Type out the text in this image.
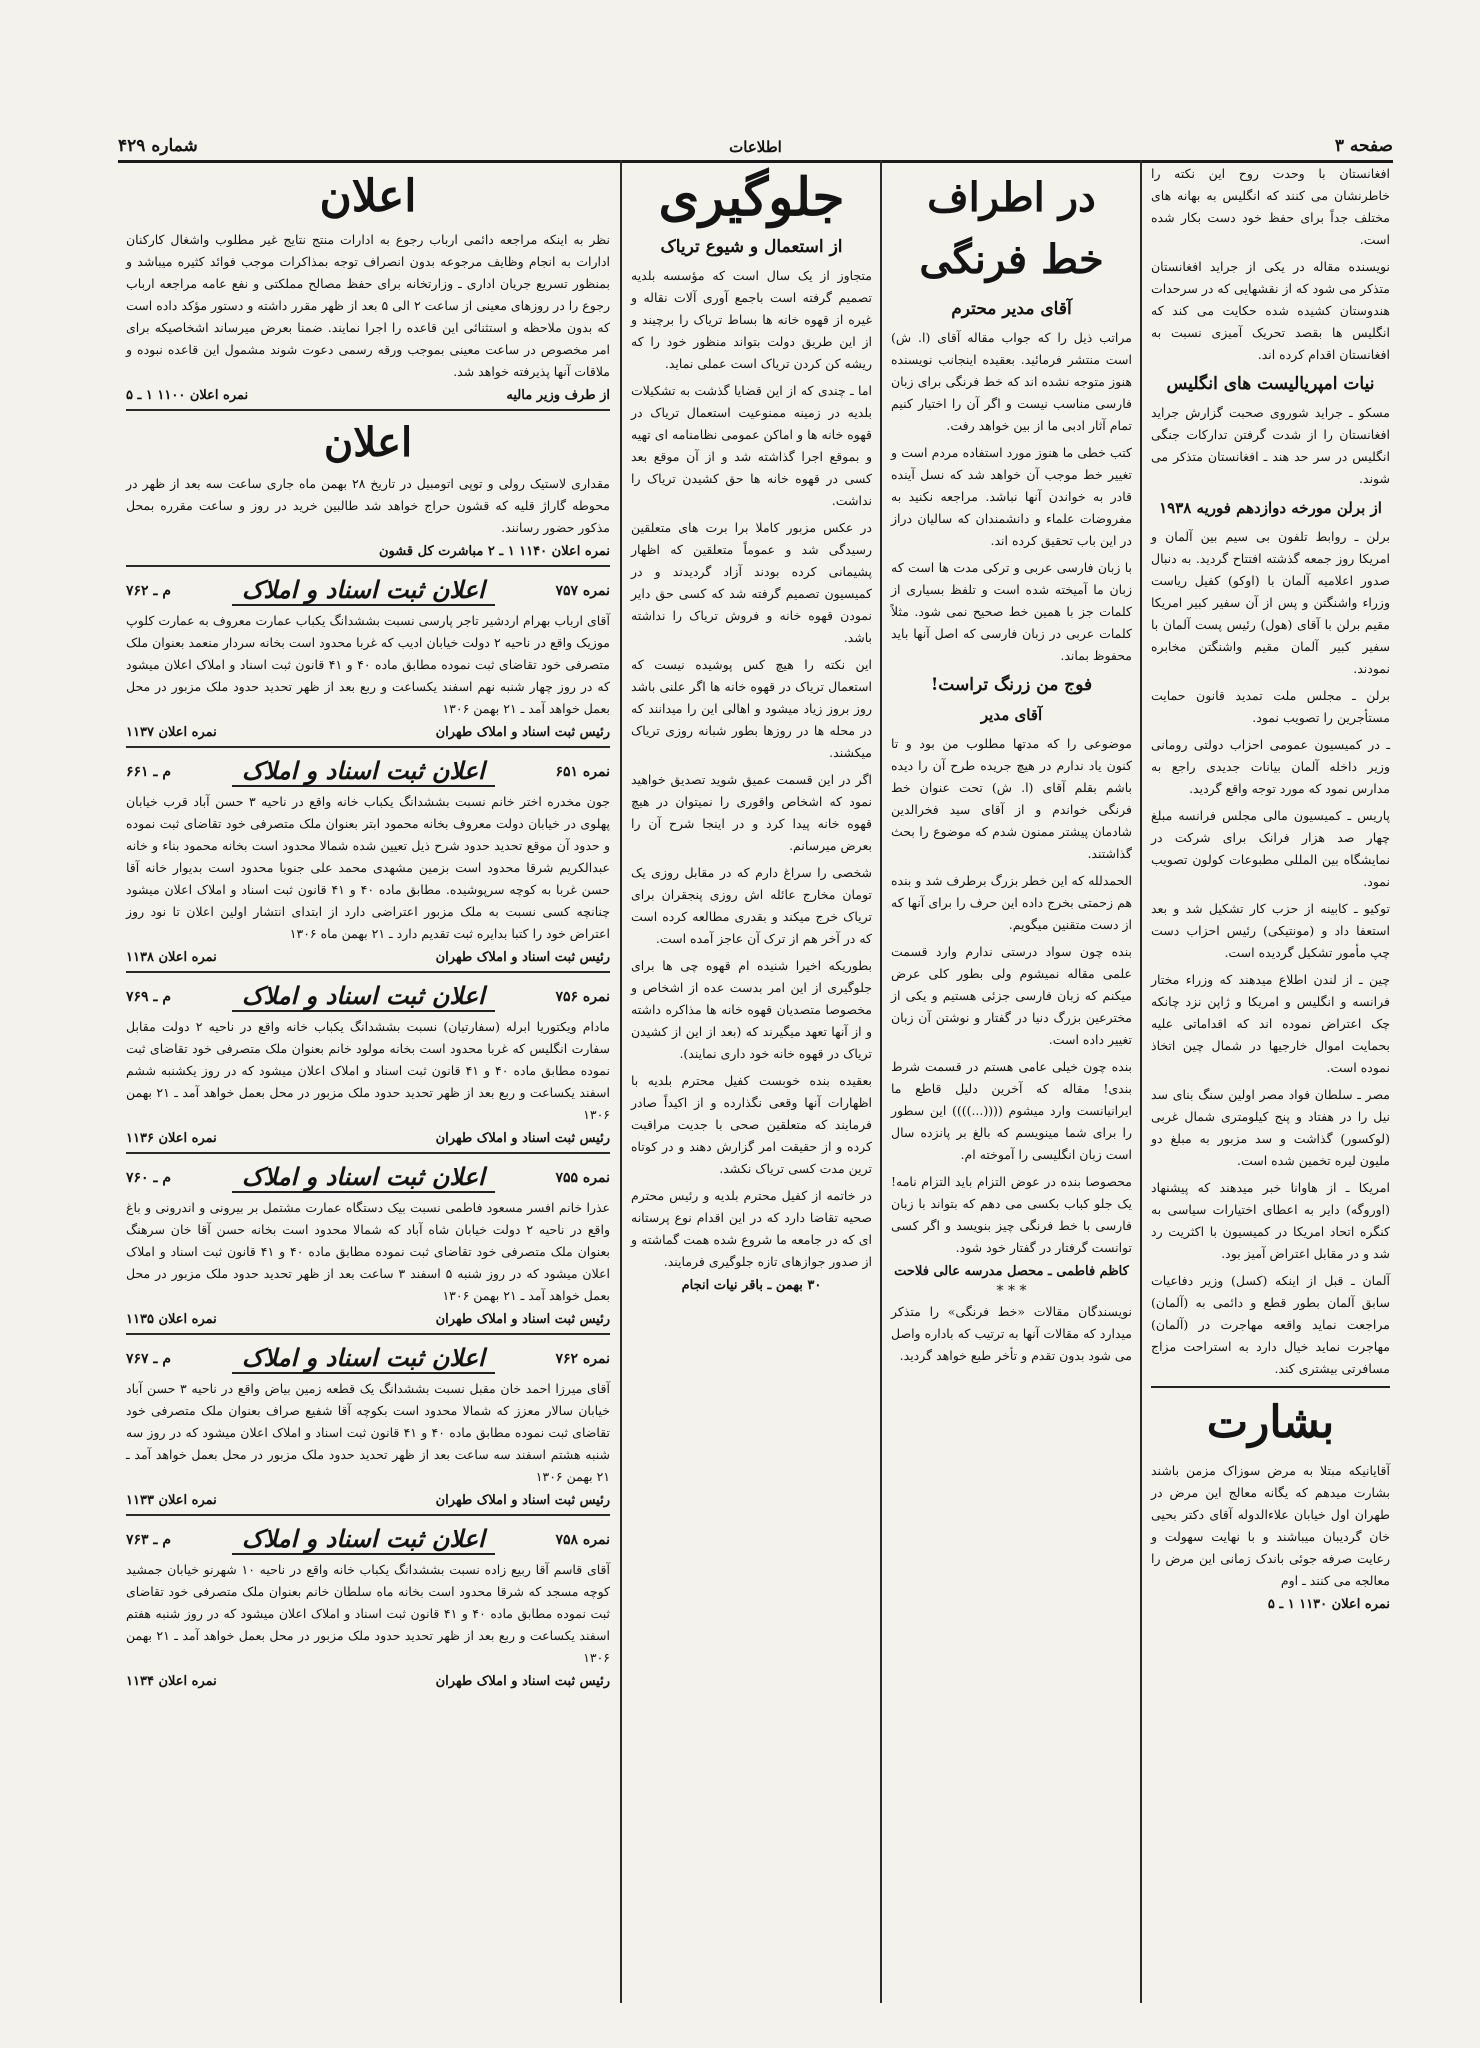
صفحه ۳
اطلاعات
شماره ۴۲۹

افغانستان با وحدت روح این نکته را خاطرنشان می کنند که انگلیس به بهانه های مختلف جداً برای حفظ خود دست بکار شده است.

نویسنده مقاله در یکی از جراید افغانستان متذکر می شود که از نقشهایی که در سرحدات هندوستان کشیده شده حکایت می کند که انگلیس ها بقصد تحریک آمیزی نسبت به افغانستان اقدام کرده اند.

نیات امپریالیست های انگلیس

مسکو ـ جراید شوروی صحبت گزارش جراید افغانستان را از شدت گرفتن تدارکات جنگی انگلیس در سر حد هند ـ افغانستان متذکر می شوند.

از برلن مورخه دوازدهم فوریه ۱۹۳۸

برلن ـ روابط تلفون بی سیم بین آلمان و امریکا روز جمعه گذشته افتتاح گردید. به دنبال صدور اعلامیه آلمان با (اوکو) کفیل ریاست وزراء واشنگتن و پس از آن سفیر کبیر امریکا مقیم برلن با آقای (هول) رئیس پست آلمان با سفیر کبیر آلمان مقیم واشنگتن مخابره نمودند.

برلن ـ مجلس ملت تمدید قانون حمایت مستأجرین را تصویب نمود.

ـ در کمیسیون عمومی احزاب دولتی رومانی وزیر داخله آلمان بیانات جدیدی راجع به مدارس نمود که مورد توجه واقع گردید.

پاریس ـ کمیسیون مالی مجلس فرانسه مبلغ چهار صد هزار فرانک برای شرکت در نمایشگاه بین المللی مطبوعات کولون تصویب نمود.

توکیو ـ کابینه از حزب کار تشکیل شد و بعد استعفا داد و (مونتیکی) رئیس احزاب دست چپ مأمور تشکیل گردیده است.

چین ـ از لندن اطلاع میدهند که وزراء مختار فرانسه و انگلیس و امریکا و ژاپن نزد چانکه چک اعتراض نموده اند که اقداماتی علیه بحمایت اموال خارجیها در شمال چین اتخاذ نموده است.

مصر ـ سلطان فواد مصر اولین سنگ بنای سد نیل را در هفتاد و پنج کیلومتری شمال غربی (لوکسور) گذاشت و سد مزبور به مبلغ دو ملیون لیره تخمین شده است.

امریکا ـ از هاوانا خبر میدهند که پیشنهاد (اوروگه) دایر به اعطای اختیارات سیاسی به کنگره اتحاد امریکا در کمیسیون با اکثریت رد شد و در مقابل اعتراض آمیز بود.

آلمان ـ قبل از اینکه (کسل) وزیر دفاعیات سابق آلمان بطور قطع و دائمی به (آلمان) مراجعت نماید واقعه مهاجرت در (آلمان) مهاجرت نماید خیال دارد به استراحت مزاج مسافرتی بیشتری کند.

بشارت

آقایانیکه مبتلا به مرض سوزاک مزمن باشند بشارت میدهم که یگانه معالج این مرض در طهران اول خیابان علاءالدوله آقای دکتر بحیی خان گردیبان میباشند و با نهایت سهولت و رعایت صرفه جوئی باندک زمانی این مرض را معالجه می کنند ـ اوم

نمره اعلان ۱۱۳۰ ۱ ـ ۵
در اطراف خط فرنگی
آقای مدیر محترم

مراتب ذیل را که جواب مقاله آقای (ا. ش) است منتشر فرمائید. بعقیده اینجانب نویسنده هنوز متوجه نشده اند که خط فرنگی برای زبان فارسی مناسب نیست و اگر آن را اختیار کنیم تمام آثار ادبی ما از بین خواهد رفت.

کتب خطی ما هنوز مورد استفاده مردم است و تغییر خط موجب آن خواهد شد که نسل آینده قادر به خواندن آنها نباشد. مراجعه نکنید به مفروضات علماء و دانشمندان که سالیان دراز در این باب تحقیق کرده اند.

با زبان فارسی عربی و ترکی مدت ها است که زبان ما آمیخته شده است و تلفظ بسیاری از کلمات جز با همین خط صحیح نمی شود. مثلاً کلمات عربی در زبان فارسی که اصل آنها باید محفوظ بماند.

فوج من زرنگ تراست!
آقای مدیر

موضوعی را که مدتها مطلوب من بود و تا کنون یاد ندارم در هیچ جریده طرح آن را دیده باشم بقلم آقای (ا. ش) تحت عنوان خط فرنگی خواندم و از آقای سید فخرالدین شادمان پیشتر ممنون شدم که موضوع را بحث گذاشتند.

الحمدلله که این خطر بزرگ برطرف شد و بنده هم زحمتی بخرج داده این حرف را برای آنها که از دست متقنین میگویم.

بنده چون سواد درستی ندارم وارد قسمت علمی مقاله نمیشوم ولی بطور کلی عرض میکنم که زبان فارسی جزئی هستیم و یکی از مخترعین بزرگ دنیا در گفتار و نوشتن آن زبان تغییر داده است.

بنده چون خیلی عامی هستم در قسمت شرط بندی! مقاله که آخرین دلیل قاطع ما ایرانیانست وارد میشوم ((((...)))) این سطور را برای شما مینویسم که بالغ بر پانزده سال است زبان انگلیسی را آموخته ام.

محصوصا بنده در عوض التزام باید التزام نامه! یک جلو کباب بکسی می دهم که بتواند با زبان فارسی با خط فرنگی چیز بنویسد و اگر کسی توانست گرفتار در گفتار خود شود.

کاظم فاطمی ـ محصل مدرسه عالی فلاحت
* * *

نویسندگان مقالات «خط فرنگی» را متذکر میدارد که مقالات آنها به ترتیب که باداره واصل می شود بدون تقدم و تأخر طبع خواهد گردید.

جلوگیری
از استعمال و شیوع تریاک

متجاوز از یک سال است که مؤسسه بلدیه تصمیم گرفته است باجمع آوری آلات نقاله و غیره از قهوه خانه ها بساط تریاک را برچیند و از این طریق دولت بتواند منظور خود را که ریشه کن کردن تریاک است عملی نماید.

اما ـ چندی که از این قضایا گذشت به تشکیلات بلدیه در زمینه ممنوعیت استعمال تریاک در قهوه خانه ها و اماکن عمومی نظامنامه ای تهیه و بموقع اجرا گذاشته شد و از آن موقع بعد کسی در قهوه خانه ها حق کشیدن تریاک را نداشت.

در عکس مزبور کاملا برا برت های متعلقین رسیدگی شد و عموماً متعلقین که اظهار پشیمانی کرده بودند آزاد گردیدند و در کمیسیون تصمیم گرفته شد که کسی حق دایر نمودن قهوه خانه و فروش تریاک را نداشته باشد.

این نکته را هیچ کس پوشیده نیست که استعمال تریاک در قهوه خانه ها اگر علنی باشد روز بروز زیاد میشود و اهالی این را میدانند که در محله ها در روزها بطور شبانه روزی تریاک میکشند.

اگر در این قسمت عمیق شوید تصدیق خواهید نمود که اشخاص واقوری را نمیتوان در هیچ قهوه خانه پیدا کرد و در اینجا شرح آن را بعرض میرسانم.

شخصی را سراغ دارم که در مقابل روزی یک تومان مخارج عائله اش روزی پنجقران برای تریاک خرج میکند و بقدری مطالعه کرده است که در آخر هم از ترک آن عاجز آمده است.

بطوریکه اخیرا شنیده ام قهوه چی ها برای جلوگیری از این امر بدست عده از اشخاص و مخصوصا متصدیان قهوه خانه ها مذاکره داشته و از آنها تعهد میگیرند که (بعد از این از کشیدن تریاک در قهوه خانه خود داری نمایند).

بعقیده بنده خوبست کفیل محترم بلدیه با اظهارات آنها وقعی نگذارده و از اکیداً صادر فرمایند که متعلقین صحی با جدیت مراقبت کرده و از حقیقت امر گزارش دهند و در کوتاه ترین مدت کسی تریاک نکشد.

در خاتمه از کفیل محترم بلدیه و رئیس محترم صحیه تقاضا دارد که در این اقدام نوع پرستانه ای که در جامعه ما شروع شده همت گماشته و از صدور جوازهای تازه جلوگیری فرمایند.

۳۰ بهمن ـ باقر نیات انجام
اعلان

نظر به اینکه مراجعه دائمی ارباب رجوع به ادارات منتج نتایج غیر مطلوب واشغال کارکنان ادارات به انجام وظایف مرجوعه بدون انصراف توجه بمذاکرات موجب فوائد کثیره میباشد و بمنظور تسریع جریان اداری ـ وزارتخانه برای حفظ مصالح مملکتی و نفع عامه مراجعه ارباب رجوع را در روزهای معینی از ساعت ۲ الی ۵ بعد از ظهر مقرر داشته و دستور مؤکد داده است که بدون ملاحظه و استثنائی این قاعده را اجرا نمایند. ضمنا بعرض میرساند اشخاصیکه برای امر مخصوص در ساعت معینی بموجب ورقه رسمی دعوت شوند مشمول این قاعده نبوده و ملاقات آنها پذیرفته خواهد شد.

از طرف وزیر مالیه
نمره اعلان ۱۱۰۰ ۱ ـ ۵
اعلان

مقداری لاستیک رولی و توپی اتومبیل در تاریخ ۲۸ بهمن ماه جاری ساعت سه بعد از ظهر در محوطه گاراژ قلیه که قشون حراج خواهد شد طالبین خرید در روز و ساعت مقرره بمحل مذکور حضور رسانند.

نمره اعلان ۱۱۴۰ ۱ ـ ۲ مباشرت کل قشون
نمره ۷۵۷
اعلان ثبت اسناد و املاک
م ـ ۷۶۲

آقای ارباب بهرام اردشیر تاجر پارسی نسبت بششدانگ یکباب عمارت معروف به عمارت کلوپ موزیک واقع در ناحیه ۲ دولت خیابان ادیب که غربا محدود است بخانه سردار منعمد بعنوان ملک متصرفی خود تقاضای ثبت نموده مطابق ماده ۴۰ و ۴۱ قانون ثبت اسناد و املاک اعلان میشود که در روز چهار شنبه نهم اسفند یکساعت و ربع بعد از ظهر تحدید حدود ملک مزبور در محل بعمل خواهد آمد ـ ۲۱ بهمن ۱۳۰۶

رئیس ثبت اسناد و املاک طهران
نمره اعلان ۱۱۳۷
نمره ۶۵۱
اعلان ثبت اسناد و املاک
م ـ ۶۶۱

جون مخدره اختر خانم نسبت بششدانگ یکباب خانه واقع در ناحیه ۳ حسن آباد قرب خیابان پهلوی در خیابان دولت معروف بخانه محمود ابتر بعنوان ملک متصرفی خود تقاضای ثبت نموده و حدود آن موقع تحدید حدود شرح ذیل تعیین شده شمالا محدود است بخانه محمود بناء و خانه عبدالکریم شرقا محدود است بزمین مشهدی محمد علی جنوبا محدود است بدیوار خانه آقا حسن غربا به کوچه سرپوشیده. مطابق ماده ۴۰ و ۴۱ قانون ثبت اسناد و املاک اعلان میشود چنانچه کسی نسبت به ملک مزبور اعتراضی دارد از ابتدای انتشار اولین اعلان تا نود روز اعتراض خود را کتبا بدایره ثبت تقدیم دارد ـ ۲۱ بهمن ماه ۱۳۰۶

رئیس ثبت اسناد و املاک طهران
نمره اعلان ۱۱۳۸
نمره ۷۵۶
اعلان ثبت اسناد و املاک
م ـ ۷۶۹

مادام ویکتوریا ابرله (سفارتیان) نسبت بششدانگ یکباب خانه واقع در ناحیه ۲ دولت مقابل سفارت انگلیس که غربا محدود است بخانه مولود خانم بعنوان ملک متصرفی خود تقاضای ثبت نموده مطابق ماده ۴۰ و ۴۱ قانون ثبت اسناد و املاک اعلان میشود که در روز یکشنبه ششم اسفند یکساعت و ربع بعد از ظهر تحدید حدود ملک مزبور در محل بعمل خواهد آمد ـ ۲۱ بهمن ۱۳۰۶

رئیس ثبت اسناد و املاک طهران
نمره اعلان ۱۱۳۶
نمره ۷۵۵
اعلان ثبت اسناد و املاک
م ـ ۷۶۰

عذرا خانم افسر مسعود فاطمی نسبت بیک دستگاه عمارت مشتمل بر بیرونی و اندرونی و باغ واقع در ناحیه ۲ دولت خیابان شاه آباد که شمالا محدود است بخانه حسن آقا خان سرهنگ بعنوان ملک متصرفی خود تقاضای ثبت نموده مطابق ماده ۴۰ و ۴۱ قانون ثبت اسناد و املاک اعلان میشود که در روز شنبه ۵ اسفند ۳ ساعت بعد از ظهر تحدید حدود ملک مزبور در محل بعمل خواهد آمد ـ ۲۱ بهمن ۱۳۰۶

رئیس ثبت اسناد و املاک طهران
نمره اعلان ۱۱۳۵
نمره ۷۶۲
اعلان ثبت اسناد و املاک
م ـ ۷۶۷

آقای میرزا احمد خان مقبل نسبت بششدانگ یک قطعه زمین بیاض واقع در ناحیه ۳ حسن آباد خیابان سالار معزز که شمالا محدود است بکوچه آقا شفیع صراف بعنوان ملک متصرفی خود تقاضای ثبت نموده مطابق ماده ۴۰ و ۴۱ قانون ثبت اسناد و املاک اعلان میشود که در روز سه شنبه هشتم اسفند سه ساعت بعد از ظهر تحدید حدود ملک مزبور در محل بعمل خواهد آمد ـ ۲۱ بهمن ۱۳۰۶

رئیس ثبت اسناد و املاک طهران
نمره اعلان ۱۱۳۳
نمره ۷۵۸
اعلان ثبت اسناد و املاک
م ـ ۷۶۳

آقای قاسم آقا ربیع زاده نسبت بششدانگ یکباب خانه واقع در ناحیه ۱۰ شهرنو خیابان جمشید کوچه مسجد که شرقا محدود است بخانه ماه سلطان خانم بعنوان ملک متصرفی خود تقاضای ثبت نموده مطابق ماده ۴۰ و ۴۱ قانون ثبت اسناد و املاک اعلان میشود که در روز شنبه هفتم اسفند یکساعت و ربع بعد از ظهر تحدید حدود ملک مزبور در محل بعمل خواهد آمد ـ ۲۱ بهمن ۱۳۰۶

رئیس ثبت اسناد و املاک طهران
نمره اعلان ۱۱۳۴
